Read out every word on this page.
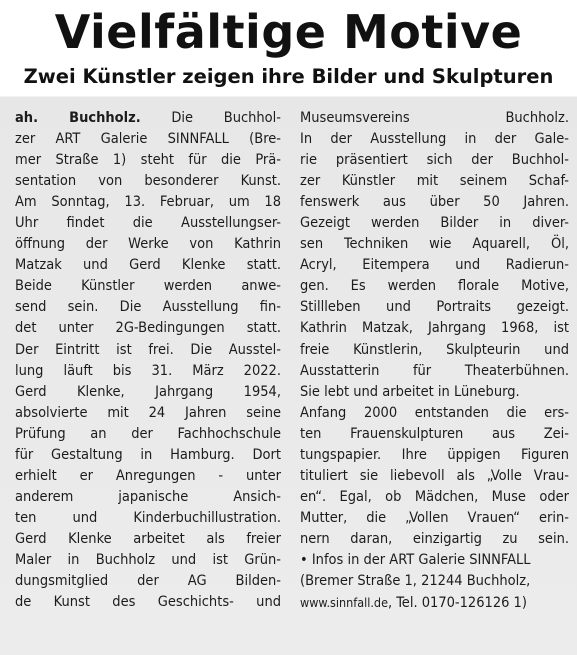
Vielfältige Motive
Zwei Künstler zeigen ihre Bilder und Skulpturen
ah. Buchholz. Die Buchhol-
zer ART Galerie SINNFALL (Bre-
mer Straße 1) steht für die Prä-
sentation von besonderer Kunst.
Am Sonntag, 13. Februar, um 18
Uhr findet die Ausstellungser-
öffnung der Werke von Kathrin
Matzak und Gerd Klenke statt.
Beide Künstler werden anwe-
send sein. Die Ausstellung fin-
det unter 2G-Bedingungen statt.
Der Eintritt ist frei. Die Ausstel-
lung läuft bis 31. März 2022.
Gerd Klenke, Jahrgang 1954,
absolvierte mit 24 Jahren seine
Prüfung an der Fachhochschule
für Gestaltung in Hamburg. Dort
erhielt er Anregungen - unter
anderem japanische Ansich-
ten und Kinderbuchillustration.
Gerd Klenke arbeitet als freier
Maler in Buchholz und ist Grün-
dungsmitglied der AG Bilden-
de Kunst des Geschichts- und
Museumsvereins Buchholz.
In der Ausstellung in der Gale-
rie präsentiert sich der Buchhol-
zer Künstler mit seinem Schaf-
fenswerk aus über 50 Jahren.
Gezeigt werden Bilder in diver-
sen Techniken wie Aquarell, Öl,
Acryl, Eitempera und Radierun-
gen. Es werden florale Motive,
Stillleben und Portraits gezeigt.
Kathrin Matzak, Jahrgang 1968, ist
freie Künstlerin, Skulpteurin und
Ausstatterin für Theaterbühnen.
Sie lebt und arbeitet in Lüneburg.
Anfang 2000 entstanden die ers-
ten Frauenskulpturen aus Zei-
tungspapier. Ihre üppigen Figuren
tituliert sie liebevoll als „Volle Vrau-
en“. Egal, ob Mädchen, Muse oder
Mutter, die „Vollen Vrauen“ erin-
nern daran, einzigartig zu sein.
• Infos in der ART Galerie SINNFALL
(Bremer Straße 1, 21244 Buchholz,
www.sinnfall.de, Tel. 0170-126126 1)
